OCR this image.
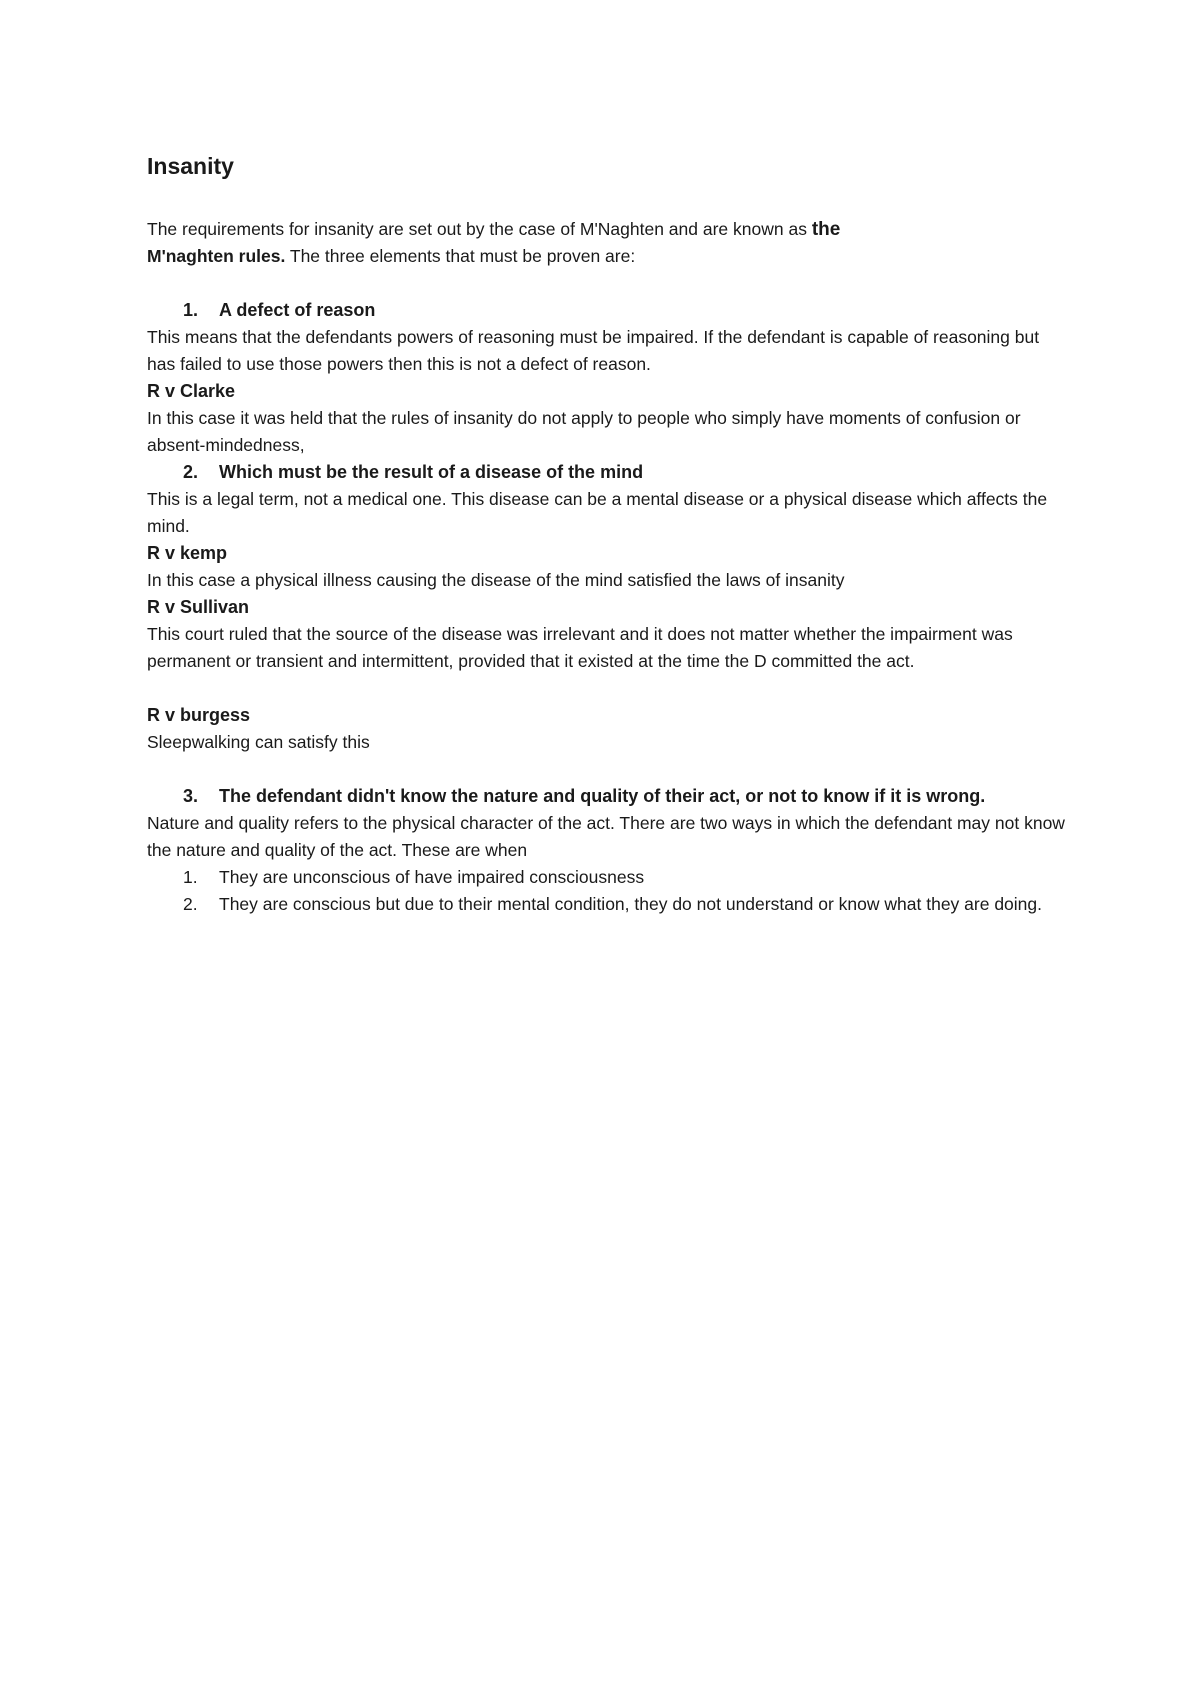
Insanity

The requirements for insanity are set out by the case of M'Naghten and are known as the
M'naghten rules. The three elements that must be proven are:

1.	A defect of reason

This means that the defendants powers of reasoning must be impaired. If the defendant is capable of reasoning but has failed to use those powers then this is not a defect of reason.

R v Clarke

In this case it was held that the rules of insanity do not apply to people who simply have moments of confusion or absent-mindedness,

2.	Which must be the result of a disease of the mind

This is a legal term, not a medical one. This disease can be a mental disease or a physical disease which affects the mind.

R v kemp

In this case a physical illness causing the disease of the mind satisfied the laws of insanity

R v Sullivan

This court ruled that the source of the disease was irrelevant and it does not matter whether the impairment was permanent or transient and intermittent, provided that it existed at the time the D committed the act.

R v burgess

Sleepwalking can satisfy this

3.	The defendant didn't know the nature and quality of their act, or not to know if it is wrong.

Nature and quality refers to the physical character of the act. There are two ways in which the defendant may not know the nature and quality of the act. These are when

1.	They are unconscious of have impaired consciousness
2.	They are conscious but due to their mental condition, they do not understand or know what they are doing.
